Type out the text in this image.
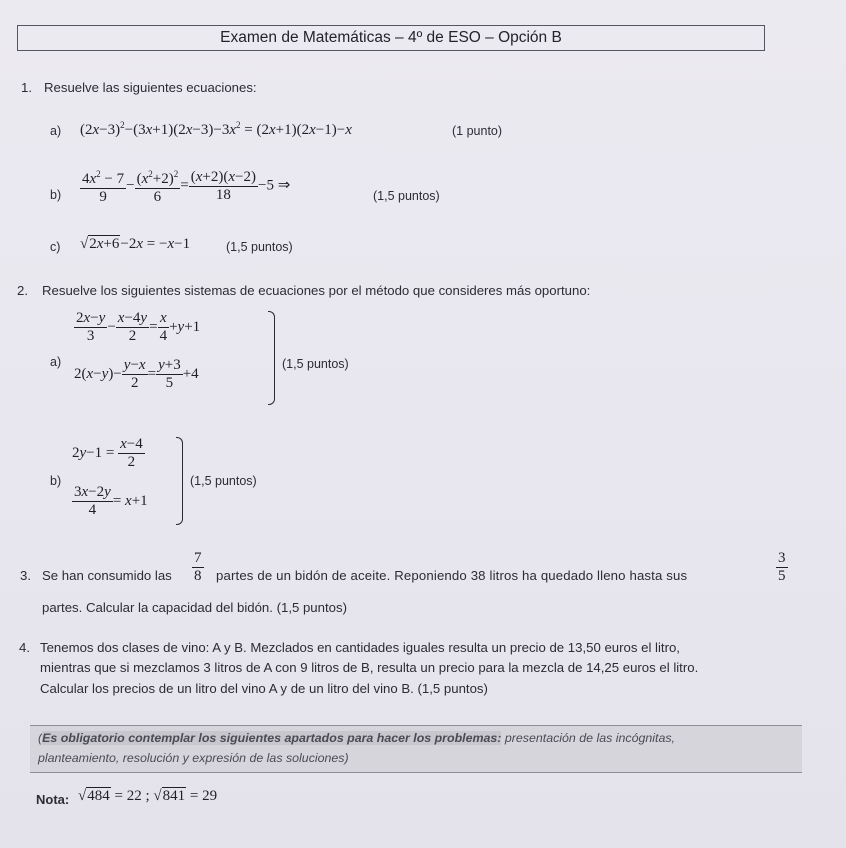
Examen de Matemáticas – 4º de ESO – Opción B
1. Resuelve las siguientes ecuaciones:
a) $(2x-3)^2-(3x+1)(2x-3)-3x^2 = (2x+1)(2x-1)-x$	(1 punto)
$b) \frac{4x^2 - 7}{9} - \frac{(x^2+2)^2}{6} = \frac{(x+2)(x-2)}{18} -5$ ⇒
(1,5 puntos)
c) √2x+6−2x = −x−1	(1,5 puntos)
2. Resuelve los siguientes sistemas de ecuaciones por el método que consideres más oportuno:
a)
$\frac{2x-y}{3} - \frac{x-4y}{2} = \frac{x}{4} +y+1$
$2(x-y)- \frac{y-x}{2} = \frac{y+3}{5} +4$
(1,5 puntos)
b)
$2y-1 = \frac{x-4}{2}$
$\frac{3x-2y}{4} = x+1$
(1,5 puntos)
3. Se han consumido las $\frac{7}{8}$ partes de un bidón de aceite. Reponiendo 38 litros ha quedado lleno hasta sus	$\frac{3}{5}$
partes. Calcular la capacidad del bidón. (1,5 puntos)
4. Tenemos dos clases de vino: A y B. Mezclados en cantidades iguales resulta un precio de 13,50 euros el litro,
mientras que si mezclamos 3 litros de A con 9 litros de B, resulta un precio para la mezcla de 14,25 euros el litro.
Calcular los precios de un litro del vino A y de un litro del vino B. (1,5 puntos)
(Es obligatorio contemplar los siguientes apartados para hacer los problemas: presentación de las incógnitas,
planteamiento, resolución y expresión de las soluciones)
Nota: √484 = 22 ; √841 = 29
